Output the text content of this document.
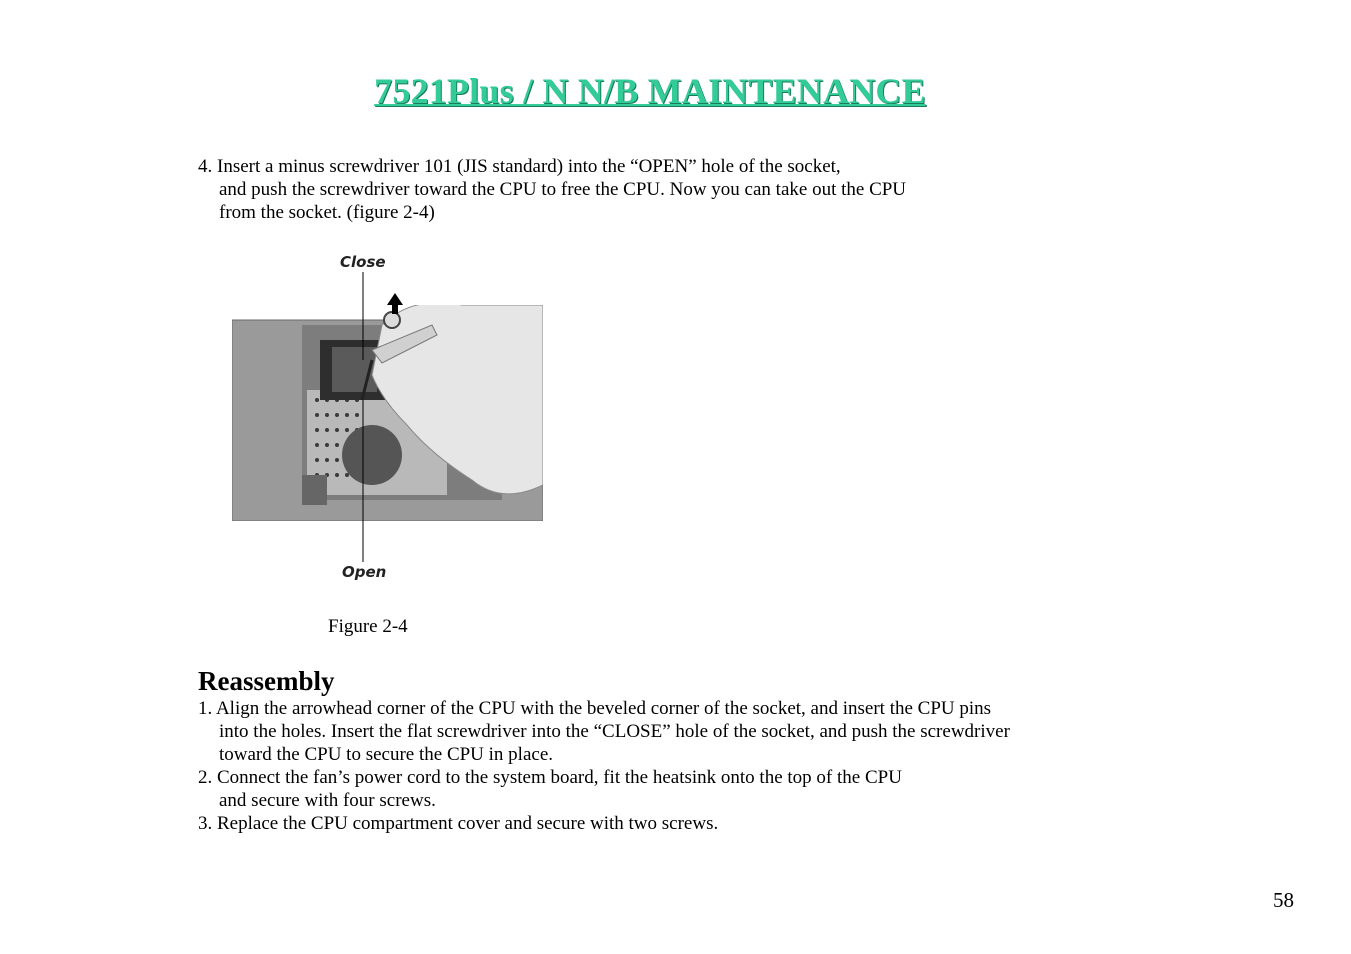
7521Plus / N N/B MAINTENANCE
4. Insert a minus screwdriver 101 (JIS standard) into the “OPEN” hole of the socket,
and push the screwdriver toward the CPU to free the CPU. Now you can take out the CPU
from the socket. (figure 2-4)
Close
Open
Figure 2-4
Reassembly
1. Align the arrowhead corner of the CPU with the beveled corner of the socket, and insert the CPU pins
into the holes. Insert the flat screwdriver into the “CLOSE” hole of the socket, and push the screwdriver
toward the CPU to secure the CPU in place.
2. Connect the fan’s power cord to the system board, fit the heatsink onto the top of the CPU
and secure with four screws.
3. Replace the CPU compartment cover and secure with two screws.
58
